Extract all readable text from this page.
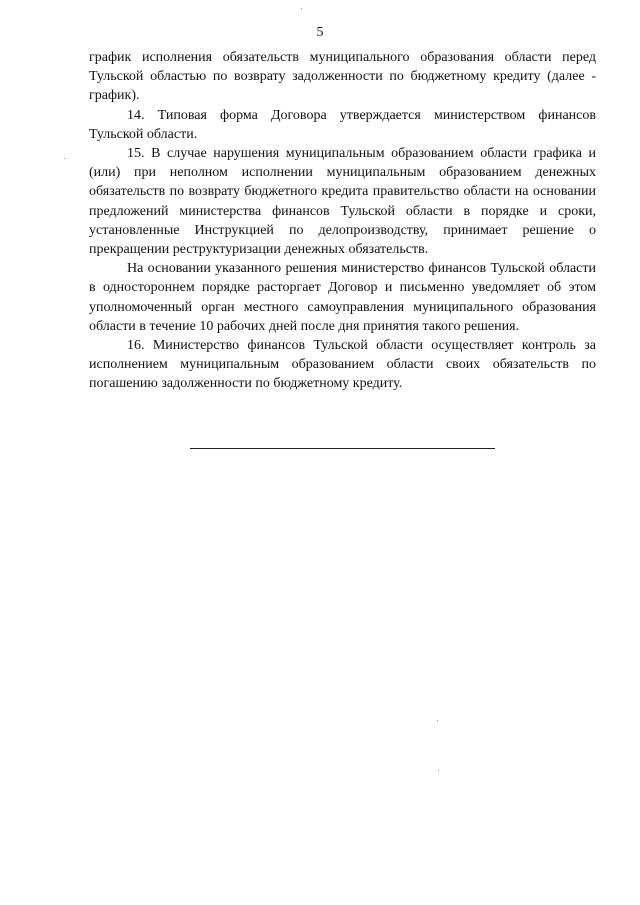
5

график исполнения обязательств муниципального образования области перед Тульской областью по возврату задолженности по бюджетному кредиту (далее - график).

14. Типовая форма Договора утверждается министерством финансов Тульской области.

15. В случае нарушения муниципальным образованием области графика и (или) при неполном исполнении муниципальным образованием денежных обязательств по возврату бюджетного кредита правительство области на основании предложений министерства финансов Тульской области в порядке и сроки, установленные Инструкцией по делопроизводству, принимает решение о прекращении реструктуризации денежных обязательств.

На основании указанного решения министерство финансов Тульской области в одностороннем порядке расторгает Договор и письменно уведомляет об этом уполномоченный орган местного самоуправления муниципального образования области в течение 10 рабочих дней после дня принятия такого решения.

16. Министерство финансов Тульской области осуществляет контроль за исполнением муниципальным образованием области своих обязательств по погашению задолженности по бюджетному кредиту.
